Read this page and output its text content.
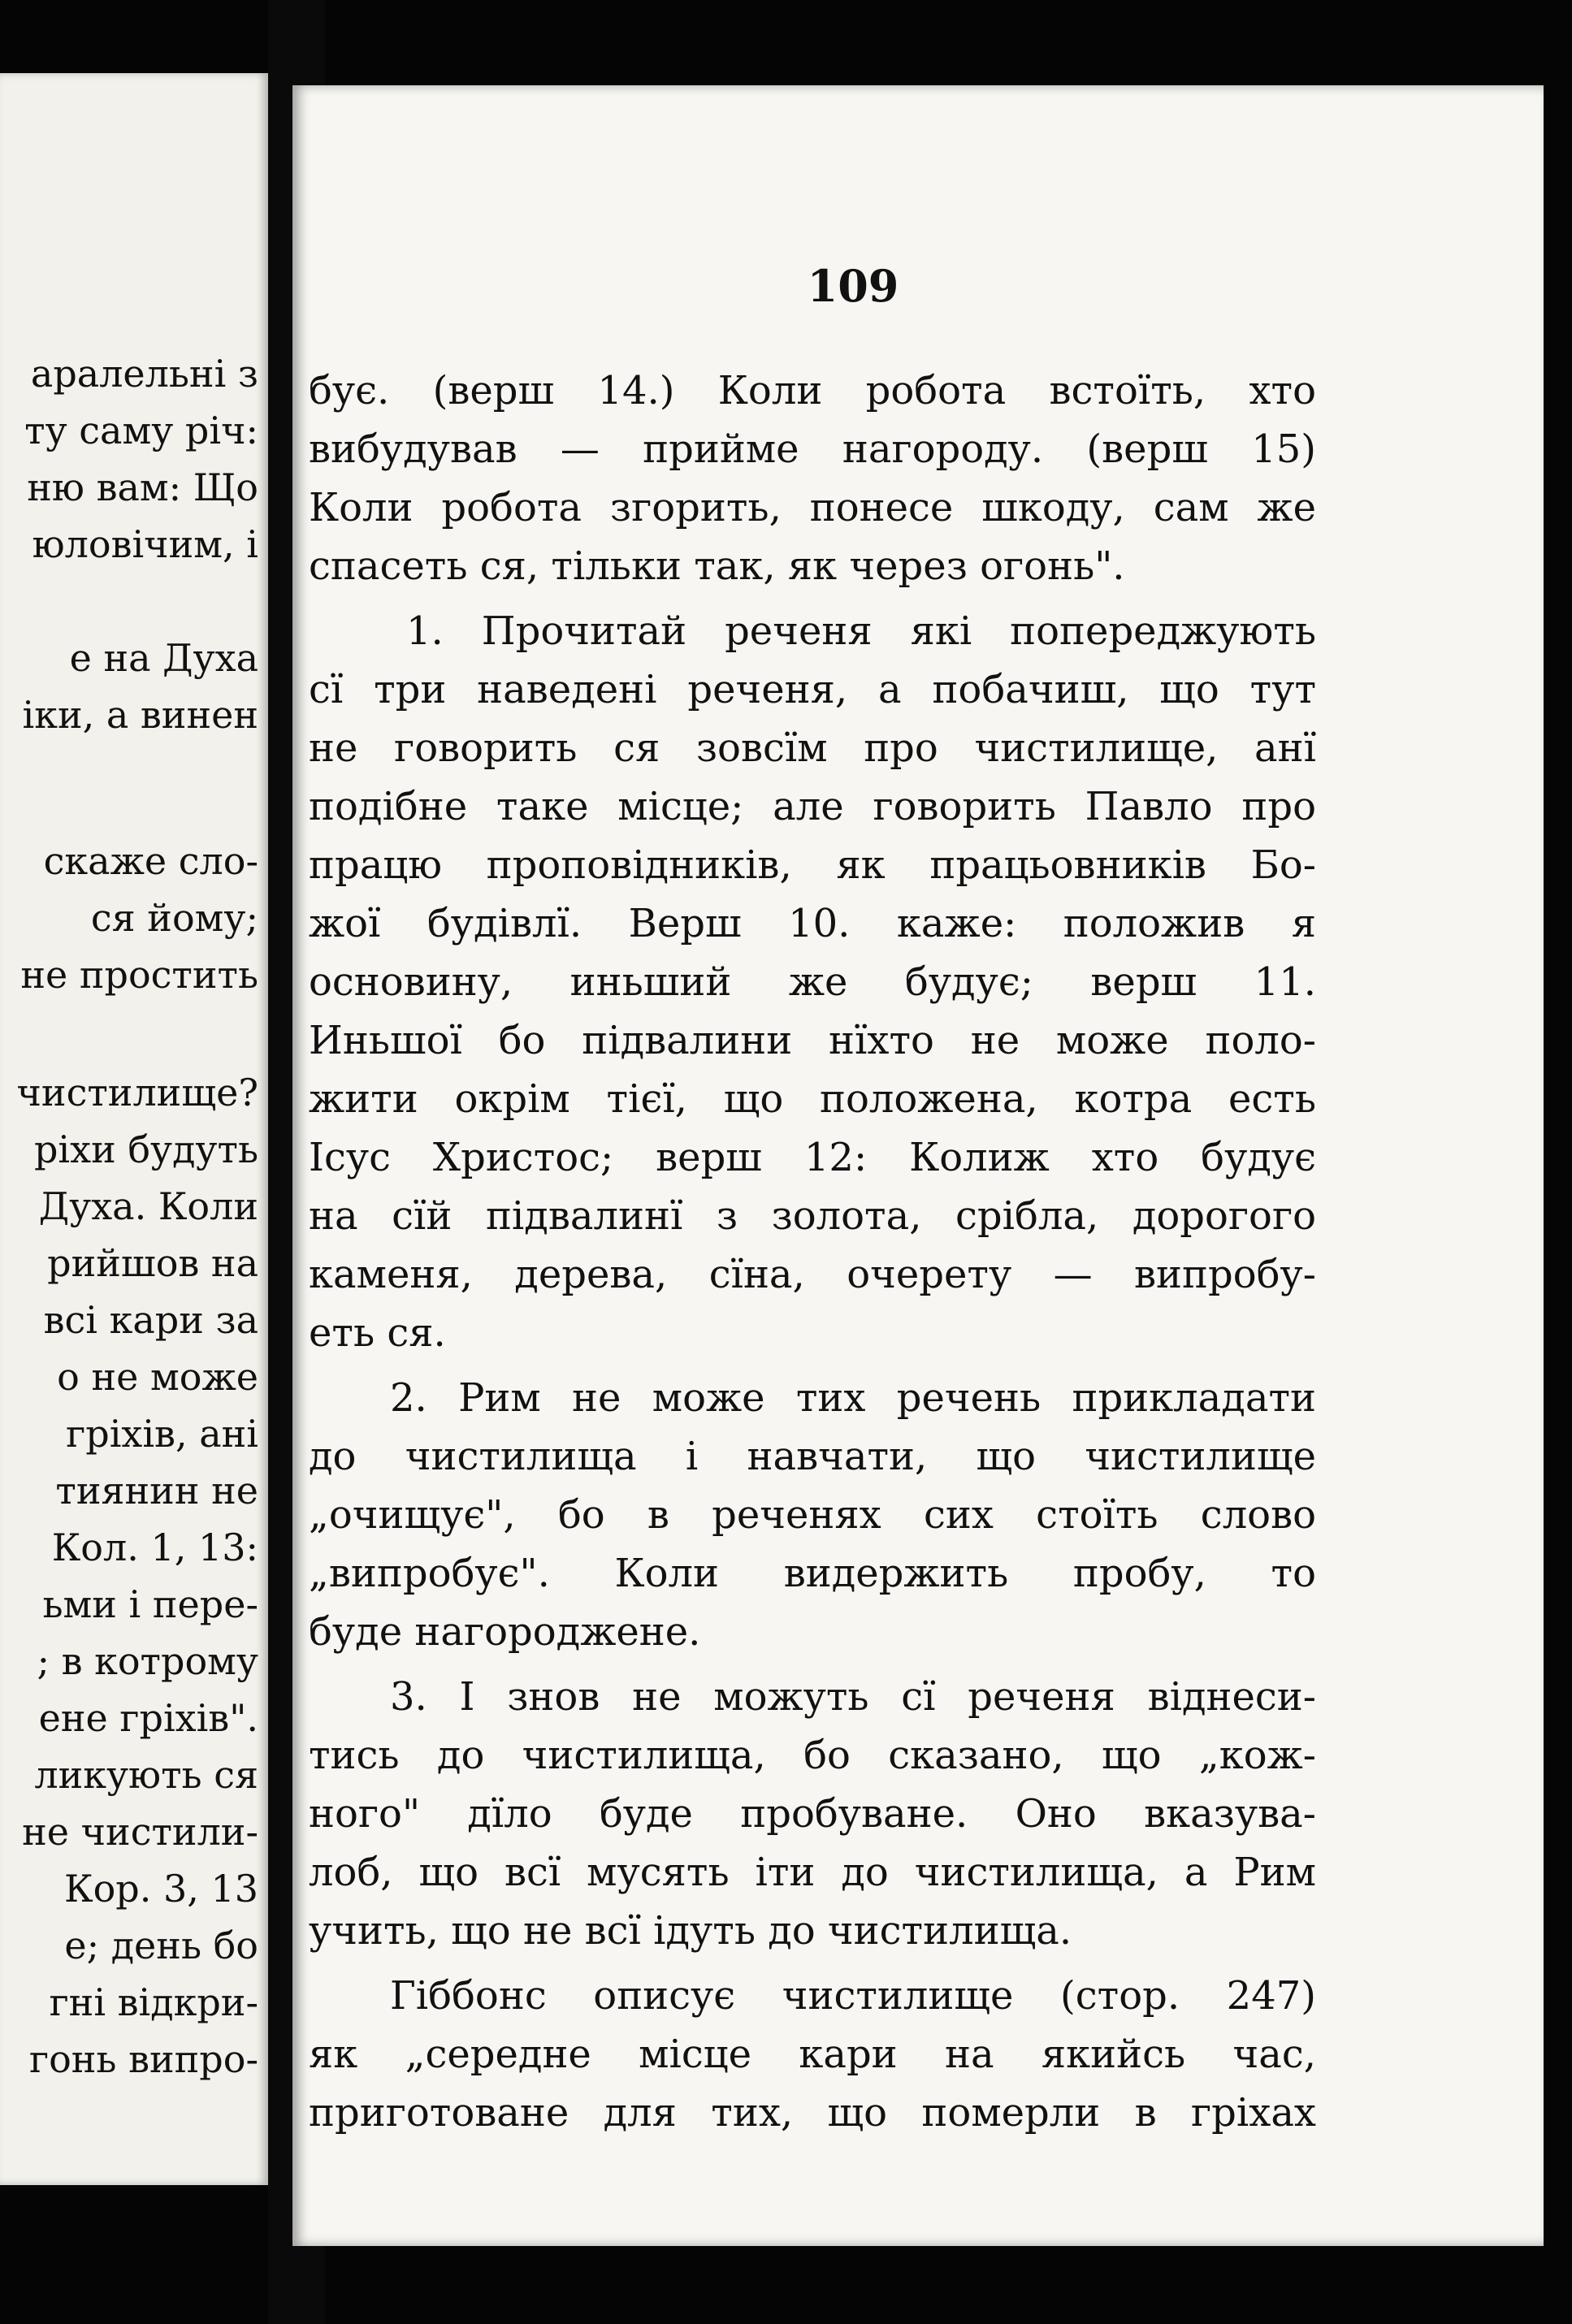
аралельні з
ту саму річ:
ню вам: Що
юловічим, і
е на Духа
іки, а винен
скаже сло-
ся йому;
не простить
чистилище?
ріхи будуть
Духа. Коли
рийшов на
всі кари за
о не може
гріхів, ані
тиянин не
Кол. 1, 13:
ьми і пере-
; в котрому
ене гріхів".
ликують ся
не чистили-
Кор. 3, 13
е; день бо
гні відкри-
гонь випро-
109
бує. (верш 14.) Коли робота встоїть, хто
вибудував — прийме нагороду. (верш 15)
Коли робота згорить, понесе шкоду, сам же
спасеть ся, тільки так, як через огонь".
1. Прочитай реченя які попереджують
сї три наведені реченя, а побачиш, що тут
не говорить ся зовсїм про чистилище, анї
подібне таке місце; але говорить Павло про
працю проповідників, як працьовників Бо-
жої будівлї. Верш 10. каже: положив я
основину, иньший же будує; верш 11.
Иньшої бо підвалини нїхто не може поло-
жити окрім тієї, що положена, котра есть
Ісус Христос; верш 12: Колиж хто будує
на сїй підвалинї з золота, срібла, дорогого
каменя, дерева, сїна, очерету — випробу-
еть ся.
2. Рим не може тих речень прикладати
до чистилища і навчати, що чистилище
„очищує", бо в реченях сих стоїть слово
„випробує". Коли видержить пробу, то
буде нагороджене.
3. І знов не можуть сї реченя віднеси-
тись до чистилища, бо сказано, що „кож-
ного" дїло буде пробуване. Оно вказува-
лоб, що всї мусять іти до чистилища, а Рим
учить, що не всї ідуть до чистилища.
Гіббонс описує чистилище (стор. 247)
як „середне місце кари на якийсь час,
приготоване для тих, що померли в гріхах
